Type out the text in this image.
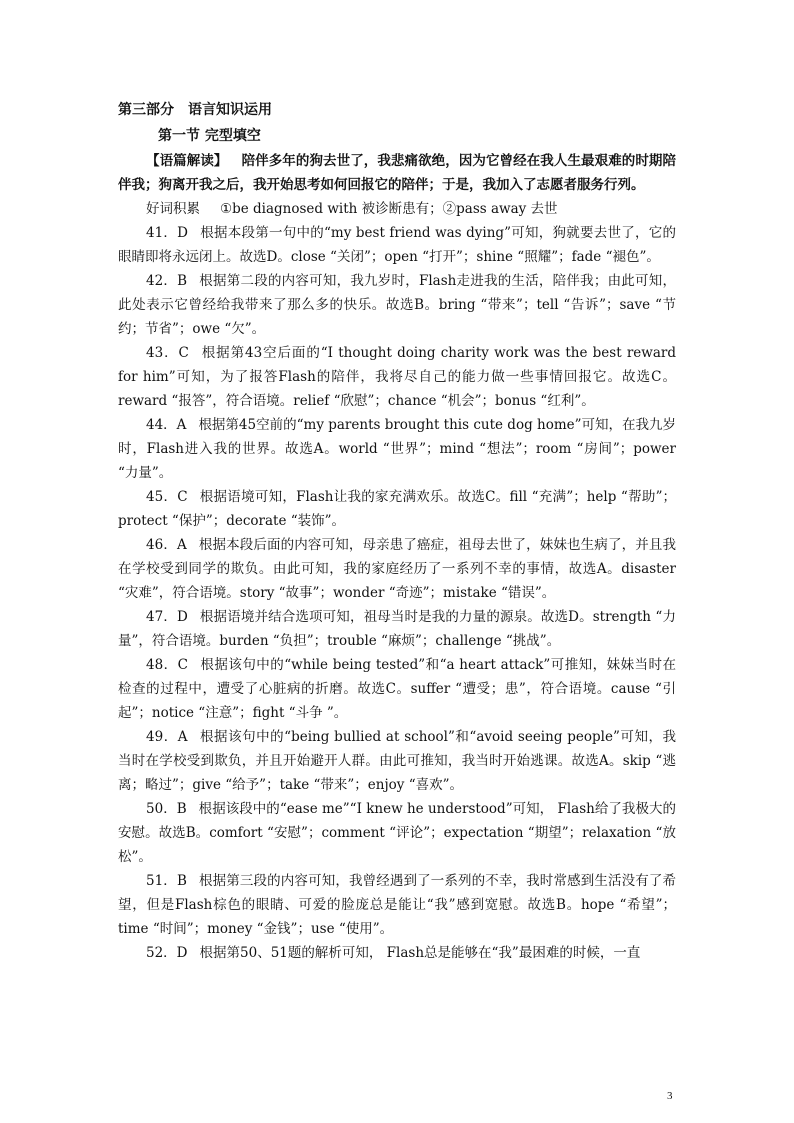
第三部分 语言知识运用
第一节 完型填空

【语篇解读】 陪伴多年的狗去世了，我悲痛欲绝，因为它曾经在我人生最艰难的时期陪伴我；狗离开我之后，我开始思考如何回报它的陪伴；于是，我加入了志愿者服务行列。

好词积累 ①be diagnosed with 被诊断患有；②pass away 去世

41．D 根据本段第一句中的“my best friend was dying”可知，狗就要去世了，它的眼睛即将永远闭上。故选D。close “关闭”；open “打开”；shine “照耀”；fade “褪色”。

42．B 根据第二段的内容可知，我九岁时，Flash走进我的生活，陪伴我；由此可知，此处表示它曾经给我带来了那么多的快乐。故选B。bring “带来”；tell “告诉”；save “节约；节省”；owe “欠”。

43．C 根据第43空后面的“I thought doing charity work was the best reward for him”可知，为了报答Flash的陪伴，我将尽自己的能力做一些事情回报它。故选C。reward “报答”，符合语境。relief “欣慰”；chance “机会”；bonus “红利”。

44．A 根据第45空前的“my parents brought this cute dog home”可知，在我九岁时，Flash进入我的世界。故选A。world “世界”；mind “想法”；room “房间”；power “力量”。

45．C 根据语境可知，Flash让我的家充满欢乐。故选C。fill “充满”；help “帮助”；protect “保护”；decorate “装饰”。

46．A 根据本段后面的内容可知，母亲患了癌症，祖母去世了，妹妹也生病了，并且我在学校受到同学的欺负。由此可知，我的家庭经历了一系列不幸的事情，故选A。disaster “灾难”，符合语境。story “故事”；wonder “奇迹”；mistake “错误”。

47．D 根据语境并结合选项可知，祖母当时是我的力量的源泉。故选D。strength “力量”，符合语境。burden “负担”；trouble “麻烦”；challenge “挑战”。

48．C 根据该句中的“while being tested”和“a heart attack”可推知，妹妹当时在检查的过程中，遭受了心脏病的折磨。故选C。suffer “遭受；患”，符合语境。cause “引起”；notice “注意”；fight “斗争 ”。

49．A 根据该句中的“being bullied at school”和“avoid seeing people”可知，我当时在学校受到欺负，并且开始避开人群。由此可推知，我当时开始逃课。故选A。skip “逃离；略过”；give “给予”；take “带来”；enjoy “喜欢”。

50．B 根据该段中的“ease me”“I knew he understood”可知， Flash给了我极大的安慰。故选B。comfort “安慰”；comment “评论”；expectation “期望”；relaxation “放松”。

51．B 根据第三段的内容可知，我曾经遇到了一系列的不幸，我时常感到生活没有了希望，但是Flash棕色的眼睛、可爱的脸庞总是能让“我”感到宽慰。故选B。hope “希望”；time “时间”；money “金钱”；use “使用”。

52．D 根据第50、51题的解析可知， Flash总是能够在“我”最困难的时候，一直

3
